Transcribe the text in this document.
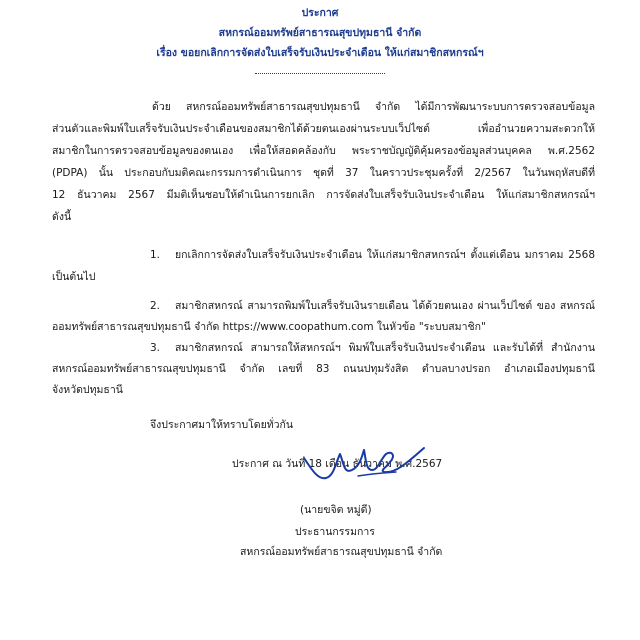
ประกาศ
สหกรณ์ออมทรัพย์สาธารณสุขปทุมธานี จำกัด
เรื่อง ขอยกเลิกการจัดส่งใบเสร็จรับเงินประจำเดือน ให้แก่สมาชิกสหกรณ์ฯ
ด้วย สหกรณ์ออมทรัพย์สาธารณสุขปทุมธานี จำกัด ได้มีการพัฒนาระบบการตรวจสอบข้อมูล
ส่วนตัวและพิมพ์ใบเสร็จรับเงินประจำเดือนของสมาชิกได้ด้วยตนเองผ่านระบบเว็ปไซต์ เพื่ออำนวยความสะดวกให้
สมาชิกในการตรวจสอบข้อมูลของตนเอง เพื่อให้สอดคล้องกับ พระราชบัญญัติคุ้มครองข้อมูลส่วนบุคคล พ.ศ.2562
(PDPA) นั้น ประกอบกับมติคณะกรรมการดำเนินการ ชุดที่ 37 ในคราวประชุมครั้งที่ 2/2567 ในวันพฤหัสบดีที่
12 ธันวาคม 2567 มีมติเห็นชอบให้ดำเนินการยกเลิก การจัดส่งใบเสร็จรับเงินประจำเดือน ให้แก่สมาชิกสหกรณ์ฯ
ดังนี้
1. ยกเลิกการจัดส่งใบเสร็จรับเงินประจำเดือน ให้แก่สมาชิกสหกรณ์ฯ ตั้งแต่เดือน มกราคม 2568
เป็นต้นไป
2. สมาชิกสหกรณ์ สามารถพิมพ์ใบเสร็จรับเงินรายเดือน ได้ด้วยตนเอง ผ่านเว็ปไซต์ ของ สหกรณ์
ออมทรัพย์สาธารณสุขปทุมธานี จำกัด https://www.coopathum.com ในหัวข้อ "ระบบสมาชิก"
3. สมาชิกสหกรณ์ สามารถให้สหกรณ์ฯ พิมพ์ใบเสร็จรับเงินประจำเดือน และรับได้ที่ สำนักงาน
สหกรณ์ออมทรัพย์สาธารณสุขปทุมธานี จำกัด เลขที่ 83 ถนนปทุมรังสิต ตำบลบางปรอก อำเภอเมืองปทุมธานี
จังหวัดปทุมธานี
จึงประกาศมาให้ทราบโดยทั่วกัน
ประกาศ ณ วันที่ 18 เดือน ธันวาคม พ.ศ.2567
(นายขจิต หมู่ดี)
ประธานกรรมการ
สหกรณ์ออมทรัพย์สาธารณสุขปทุมธานี จำกัด
